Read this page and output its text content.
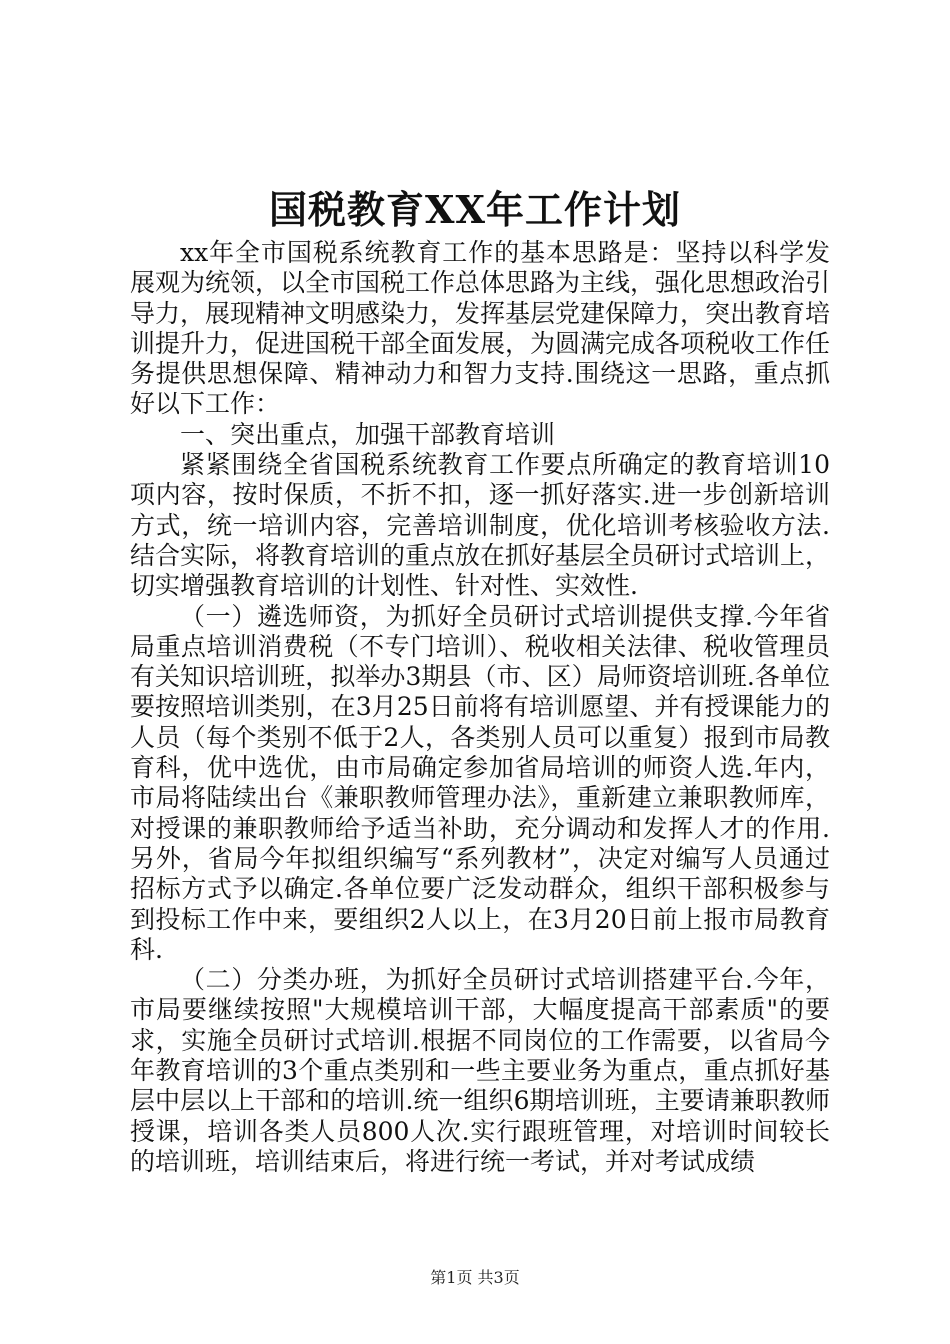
国税教育XX年工作计划

xx年全市国税系统教育工作的基本思路是：坚持以科学发展观为统领，以全市国税工作总体思路为主线，强化思想政治引导力，展现精神文明感染力，发挥基层党建保障力，突出教育培训提升力，促进国税干部全面发展，为圆满完成各项税收工作任务提供思想保障、精神动力和智力支持.围绕这一思路，重点抓好以下工作：

一、突出重点，加强干部教育培训

紧紧围绕全省国税系统教育工作要点所确定的教育培训10项内容，按时保质，不折不扣，逐一抓好落实.进一步创新培训方式，统一培训内容，完善培训制度，优化培训考核验收方法.结合实际，将教育培训的重点放在抓好基层全员研讨式培训上，切实增强教育培训的计划性、针对性、实效性.

（一）遴选师资，为抓好全员研讨式培训提供支撑.今年省局重点培训消费税（不专门培训）、税收相关法律、税收管理员有关知识培训班，拟举办3期县（市、区）局师资培训班.各单位要按照培训类别，在3月25日前将有培训愿望、并有授课能力的人员（每个类别不低于2人，各类别人员可以重复）报到市局教育科，优中选优，由市局确定参加省局培训的师资人选.年内，市局将陆续出台《兼职教师管理办法》，重新建立兼职教师库，对授课的兼职教师给予适当补助，充分调动和发挥人才的作用.另外，省局今年拟组织编写“系列教材”，决定对编写人员通过招标方式予以确定.各单位要广泛发动群众，组织干部积极参与到投标工作中来，要组织2人以上，在3月20日前上报市局教育科.

（二）分类办班，为抓好全员研讨式培训搭建平台.今年，市局要继续按照"大规模培训干部，大幅度提高干部素质"的要求，实施全员研讨式培训.根据不同岗位的工作需要，以省局今年教育培训的3个重点类别和一些主要业务为重点，重点抓好基层中层以上干部和的培训.统一组织6期培训班，主要请兼职教师授课，培训各类人员800人次.实行跟班管理，对培训时间较长的培训班，培训结束后，将进行统一考试，并对考试成绩

第1页 共3页
